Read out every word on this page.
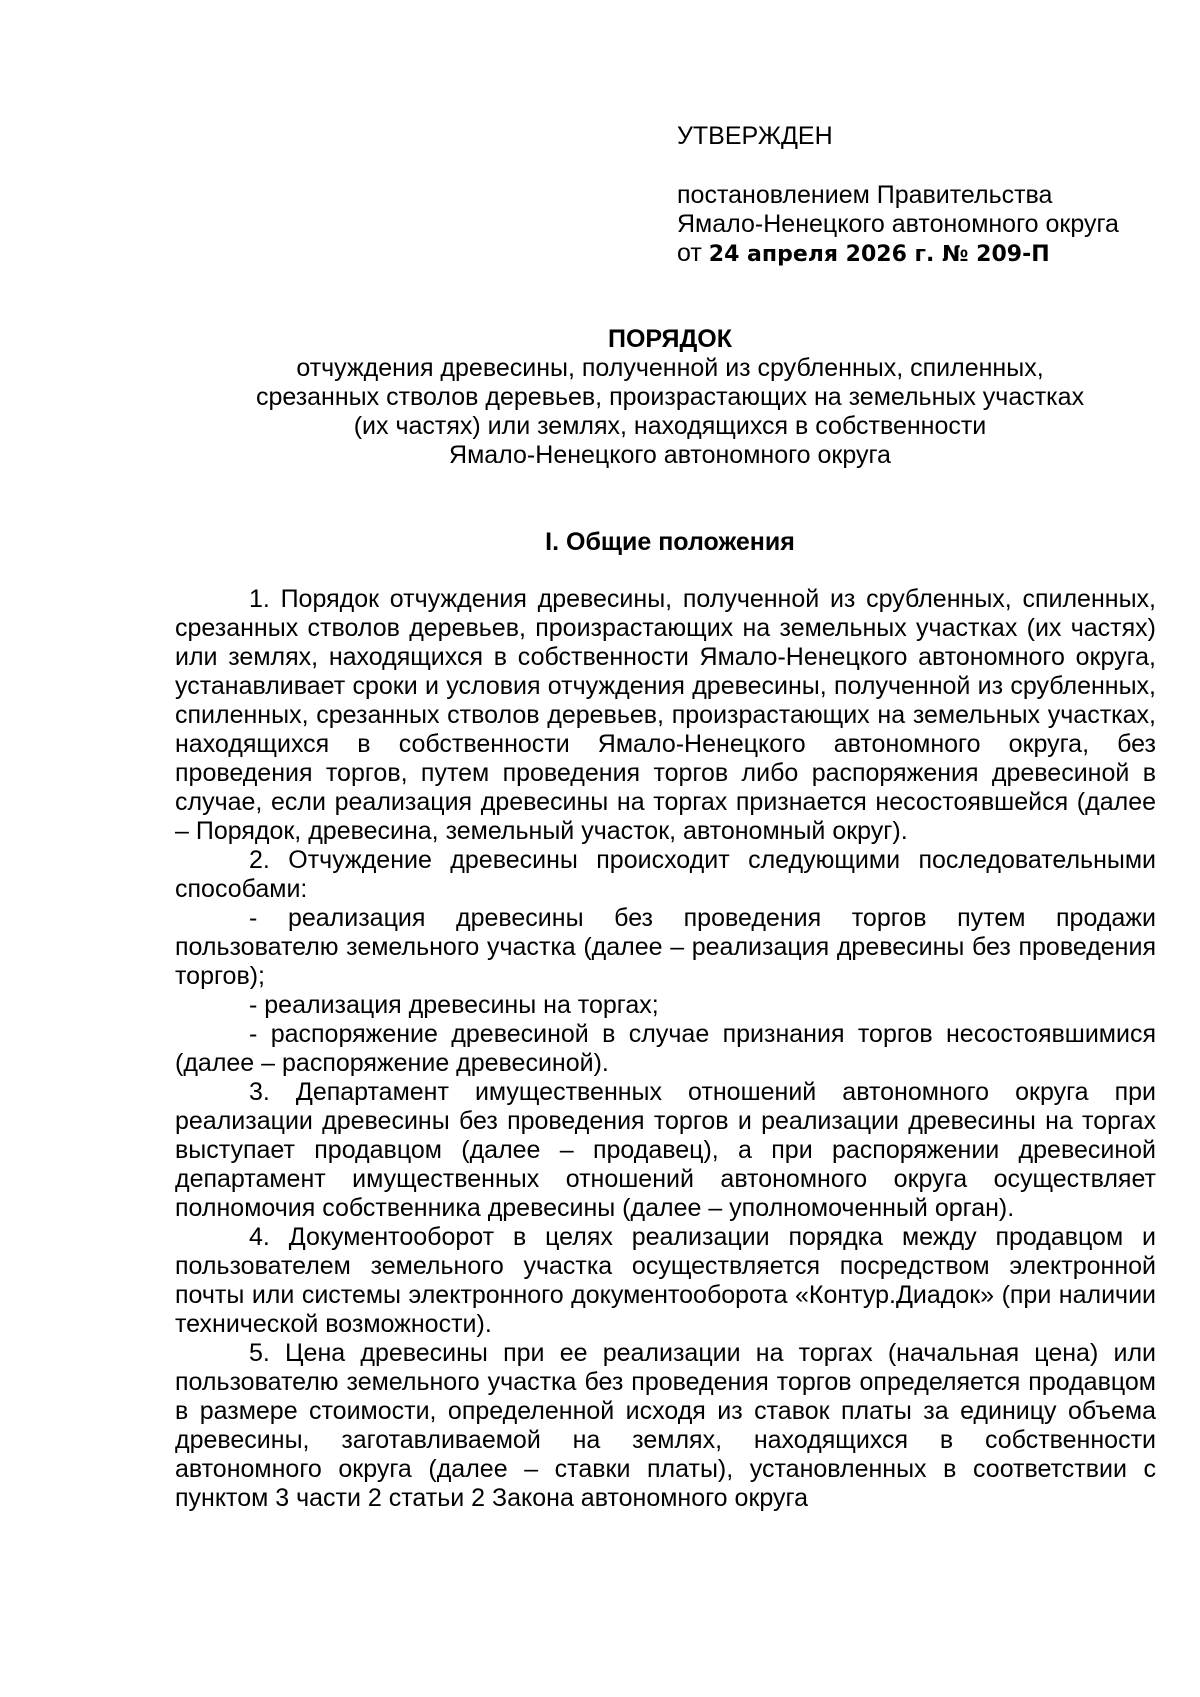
УТВЕРЖДЕН
постановлением Правительства
Ямало-Ненецкого автономного округа
от 24 апреля 2026 г. № 209-П
ПОРЯДОК
отчуждения древесины, полученной из срубленных, спиленных,
срезанных стволов деревьев, произрастающих на земельных участках
(их частях) или землях, находящихся в собственности
Ямало-Ненецкого автономного округа
I. Общие положения

1. Порядок отчуждения древесины, полученной из срубленных, спиленных, срезанных стволов деревьев, произрастающих на земельных участках (их частях) или землях, находящихся в собственности Ямало-Ненецкого автономного округа, устанавливает сроки и условия отчуждения древесины, полученной из срубленных, спиленных, срезанных стволов деревьев, произрастающих на земельных участках, находящихся в собственности Ямало-Ненецкого автономного округа, без проведения торгов, путем проведения торгов либо распоряжения древесиной в случае, если реализация древесины на торгах признается несостоявшейся (далее – Порядок, древесина, земельный участок, автономный округ).

2. Отчуждение древесины происходит следующими последовательными способами:

- реализация древесины без проведения торгов путем продажи пользователю земельного участка (далее – реализация древесины без проведения торгов);

- реализация древесины на торгах;

- распоряжение древесиной в случае признания торгов несостоявшимися (далее – распоряжение древесиной).

3. Департамент имущественных отношений автономного округа при реализации древесины без проведения торгов и реализации древесины на торгах выступает продавцом (далее – продавец), а при распоряжении древесиной департамент имущественных отношений автономного округа осуществляет полномочия собственника древесины (далее – уполномоченный орган).

4. Документооборот в целях реализации порядка между продавцом и пользователем земельного участка осуществляется посредством электронной почты или системы электронного документооборота «Контур.Диадок» (при наличии технической возможности).

5. Цена древесины при ее реализации на торгах (начальная цена) или пользователю земельного участка без проведения торгов определяется продавцом в размере стоимости, определенной исходя из ставок платы за единицу объема древесины, заготавливаемой на землях, находящихся в собственности автономного округа (далее – ставки платы), установленных в соответствии с пунктом 3 части 2 статьи 2 Закона автономного округа
